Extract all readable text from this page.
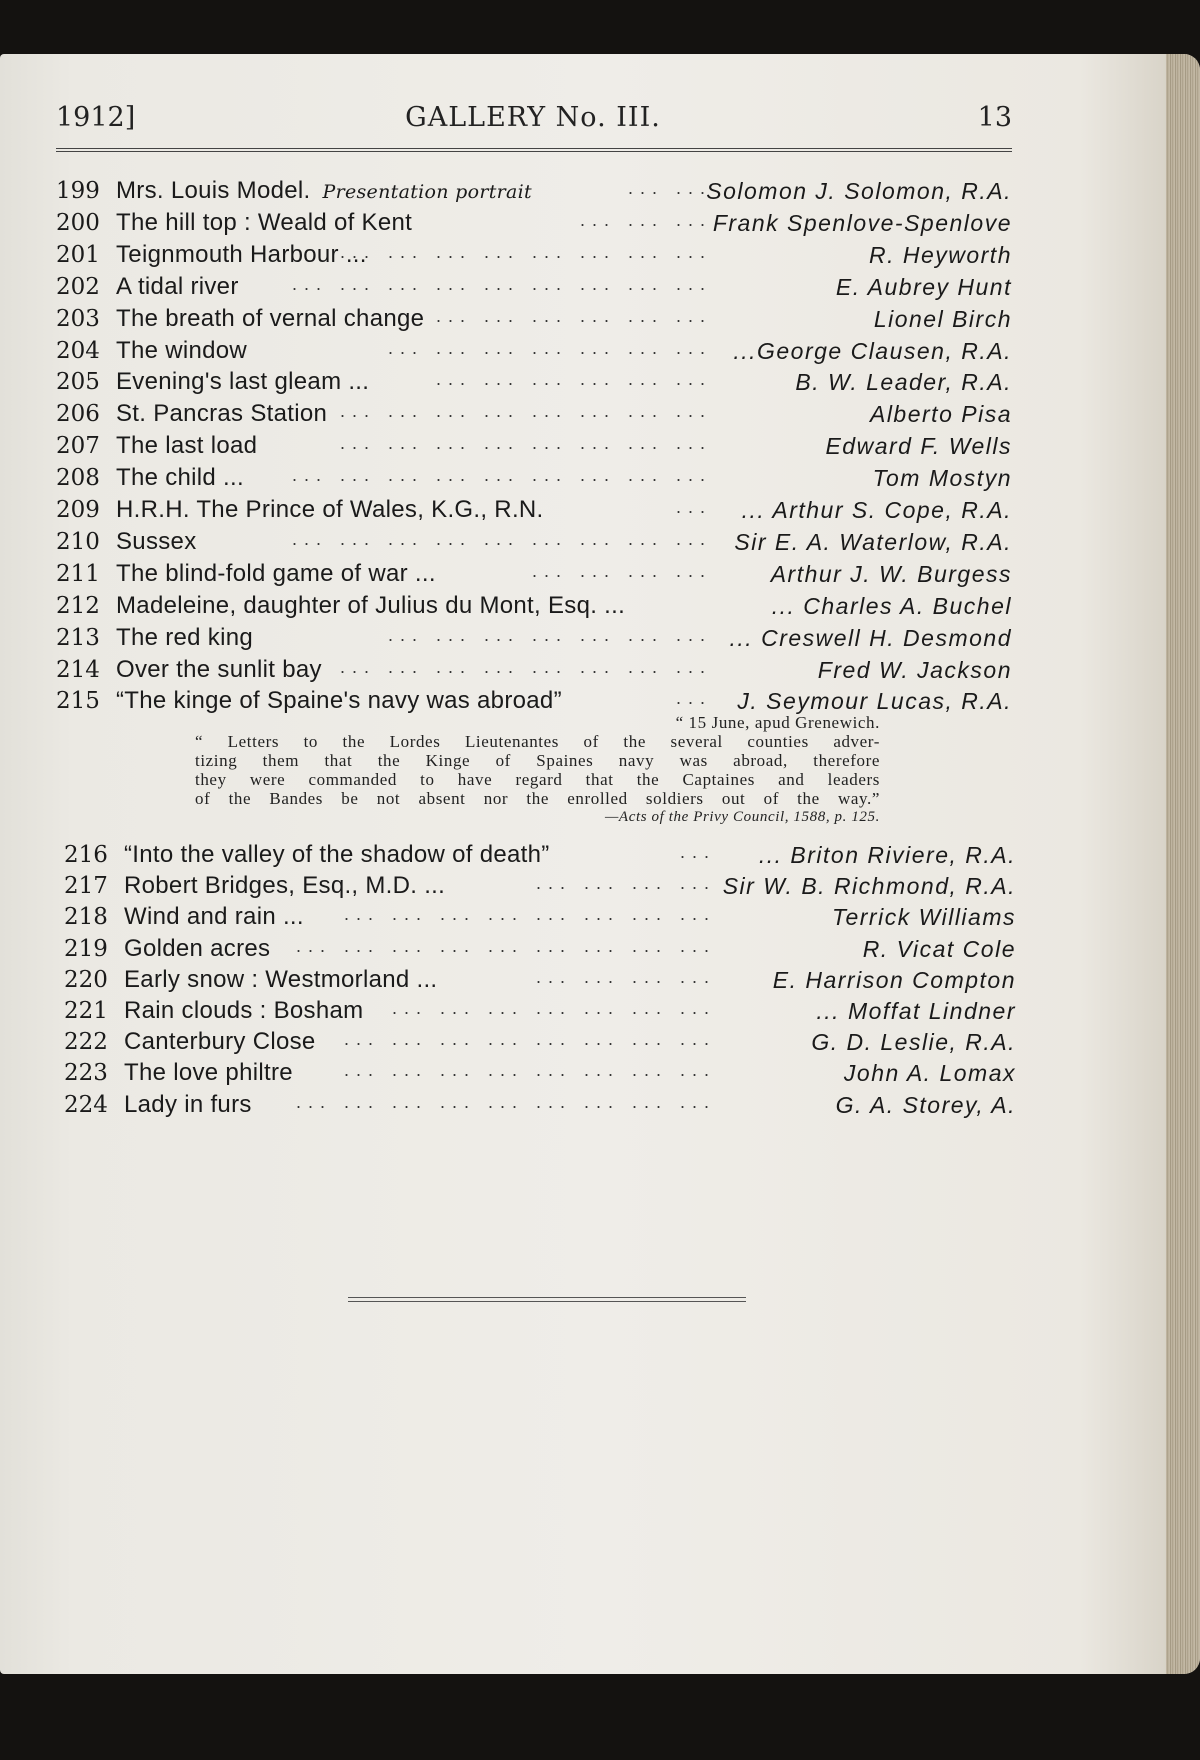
1912]	GALLERY No. III.	13
... ...
199 Mrs. Louis Model. Presentation portrait	Solomon J. Solomon, R.A.
... ... ...
200 The hill top : Weald of Kent	Frank Spenlove-Spenlove
... ... ... ... ... ... ... ...
201 Teignmouth Harbour ...	R. Heyworth
... ... ... ... ... ... ... ... ...
202 A tidal river	E. Aubrey Hunt
... ... ... ... ... ...
203 The breath of vernal change	Lionel Birch
... ... ... ... ... ... ...
204 The window	...George Clausen, R.A.
... ... ... ... ... ...
205 Evening's last gleam ...	B. W. Leader, R.A.
... ... ... ... ... ... ... ...
206 St. Pancras Station	Alberto Pisa
... ... ... ... ... ... ... ...
207 The last load	Edward F. Wells
... ... ... ... ... ... ... ... ...
208 The child ...	Tom Mostyn
...
209 H.R.H. The Prince of Wales, K.G., R.N.	... Arthur S. Cope, R.A.
... ... ... ... ... ... ... ... ...
210 Sussex	Sir E. A. Waterlow, R.A.
... ... ... ...
211 The blind-fold game of war ...	Arthur J. W. Burgess
212 Madeleine, daughter of Julius du Mont, Esq. ...	... Charles A. Buchel
... ... ... ... ... ... ...
213 The red king	... Creswell H. Desmond
... ... ... ... ... ... ... ...
214 Over the sunlit bay	Fred W. Jackson
...
215 “The kinge of Spaine's navy was abroad”	J. Seymour Lucas, R.A.
“ 15 June, apud Grenewich.
“ Letters to the Lordes Lieutenantes of the several counties adver-
tizing them that the Kinge of Spaines navy was abroad, therefore
they were commanded to have regard that the Captaines and leaders
of the Bandes be not absent nor the enrolled soldiers out of the way.”
—Acts of the Privy Council, 1588, p. 125.
...
216 “Into the valley of the shadow of death”	... Briton Riviere, R.A.
... ... ... ...
217 Robert Bridges, Esq., M.D. ...	Sir W. B. Richmond, R.A.
... ... ... ... ... ... ... ...
218 Wind and rain ...	Terrick Williams
... ... ... ... ... ... ... ... ...
219 Golden acres	R. Vicat Cole
... ... ... ...
220 Early snow : Westmorland ...	E. Harrison Compton
... ... ... ... ... ... ...
221 Rain clouds : Bosham	... Moffat Lindner
... ... ... ... ... ... ... ...
222 Canterbury Close	G. D. Leslie, R.A.
... ... ... ... ... ... ... ...
223 The love philtre	John A. Lomax
... ... ... ... ... ... ... ... ...
224 Lady in furs	G. A. Storey, A.
